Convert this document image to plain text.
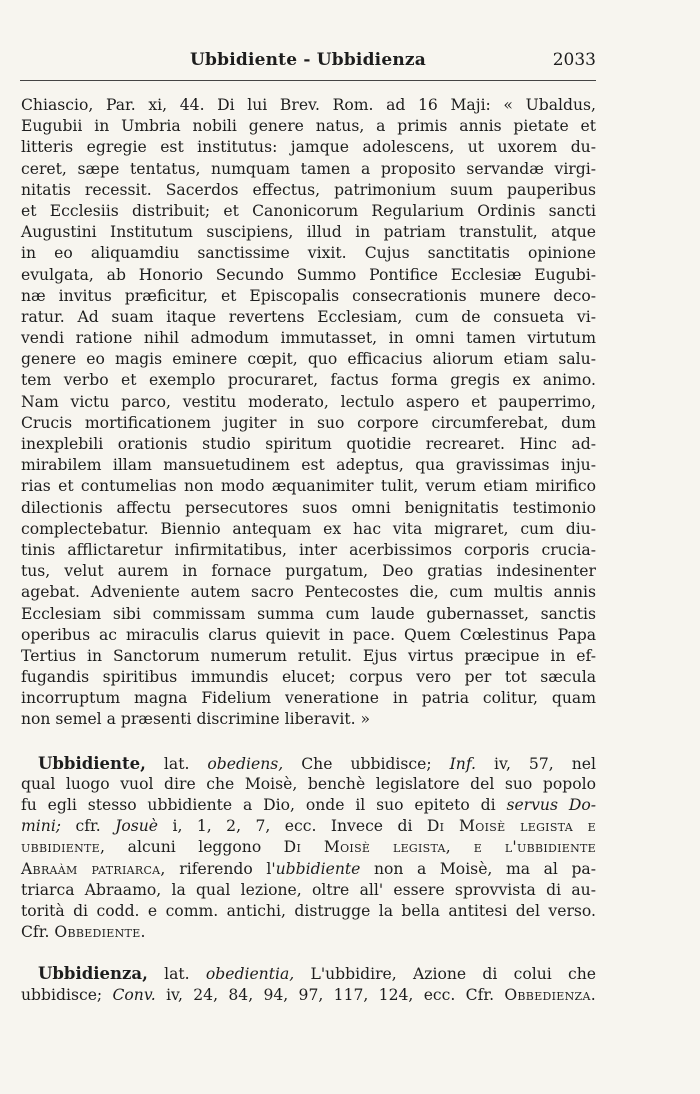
Ubbidiente - Ubbidienza	2033
Chiascio, Par. xi, 44. Di lui Brev. Rom. ad 16 Maji: « Ubaldus,
Eugubii in Umbria nobili genere natus, a primis annis pietate et
litteris egregie est institutus: jamque adolescens, ut uxorem du-
ceret, sæpe tentatus, numquam tamen a proposito servandæ virgi-
nitatis recessit. Sacerdos effectus, patrimonium suum pauperibus
et Ecclesiis distribuit; et Canonicorum Regularium Ordinis sancti
Augustini Institutum suscipiens, illud in patriam transtulit, atque
in eo aliquamdiu sanctissime vixit. Cujus sanctitatis opinione
evulgata, ab Honorio Secundo Summo Pontifice Ecclesiæ Eugubi-
næ invitus præficitur, et Episcopalis consecrationis munere deco-
ratur. Ad suam itaque revertens Ecclesiam, cum de consueta vi-
vendi ratione nihil admodum immutasset, in omni tamen virtutum
genere eo magis eminere cœpit, quo efficacius aliorum etiam salu-
tem verbo et exemplo procuraret, factus forma gregis ex animo.
Nam victu parco, vestitu moderato, lectulo aspero et pauperrimo,
Crucis mortificationem jugiter in suo corpore circumferebat, dum
inexplebili orationis studio spiritum quotidie recrearet. Hinc ad-
mirabilem illam mansuetudinem est adeptus, qua gravissimas inju-
rias et contumelias non modo æquanimiter tulit, verum etiam mirifico
dilectionis affectu persecutores suos omni benignitatis testimonio
complectebatur. Biennio antequam ex hac vita migraret, cum diu-
tinis afflictaretur infirmitatibus, inter acerbissimos corporis crucia-
tus, velut aurem in fornace purgatum, Deo gratias indesinenter
agebat. Adveniente autem sacro Pentecostes die, cum multis annis
Ecclesiam sibi commissam summa cum laude gubernasset, sanctis
operibus ac miraculis clarus quievit in pace. Quem Cœlestinus Papa
Tertius in Sanctorum numerum retulit. Ejus virtus præcipue in ef-
fugandis spiritibus immundis elucet; corpus vero per tot sæcula
incorruptum magna Fidelium veneratione in patria colitur, quam
non semel a præsenti discrimine liberavit. »
Ubbidiente, lat. obediens, Che ubbidisce; Inf. iv, 57, nel
qual luogo vuol dire che Moisè, benchè legislatore del suo popolo
fu egli stesso ubbidiente a Dio, onde il suo epiteto di servus Do-
mini; cfr. Josuè i, 1, 2, 7, ecc. Invece di Di Moisè legista e
ubbidiente, alcuni leggono Di Moisè legista, e l'ubbidiente
Abraàm patriarca, riferendo l'ubbidiente non a Moisè, ma al pa-
triarca Abraamo, la qual lezione, oltre all' essere sprovvista di au-
torità di codd. e comm. antichi, distrugge la bella antitesi del verso.
Cfr. Obbediente.
Ubbidienza, lat. obedientia, L'ubbidire, Azione di colui che
ubbidisce; Conv. iv, 24, 84, 94, 97, 117, 124, ecc. Cfr. Obbedienza.
